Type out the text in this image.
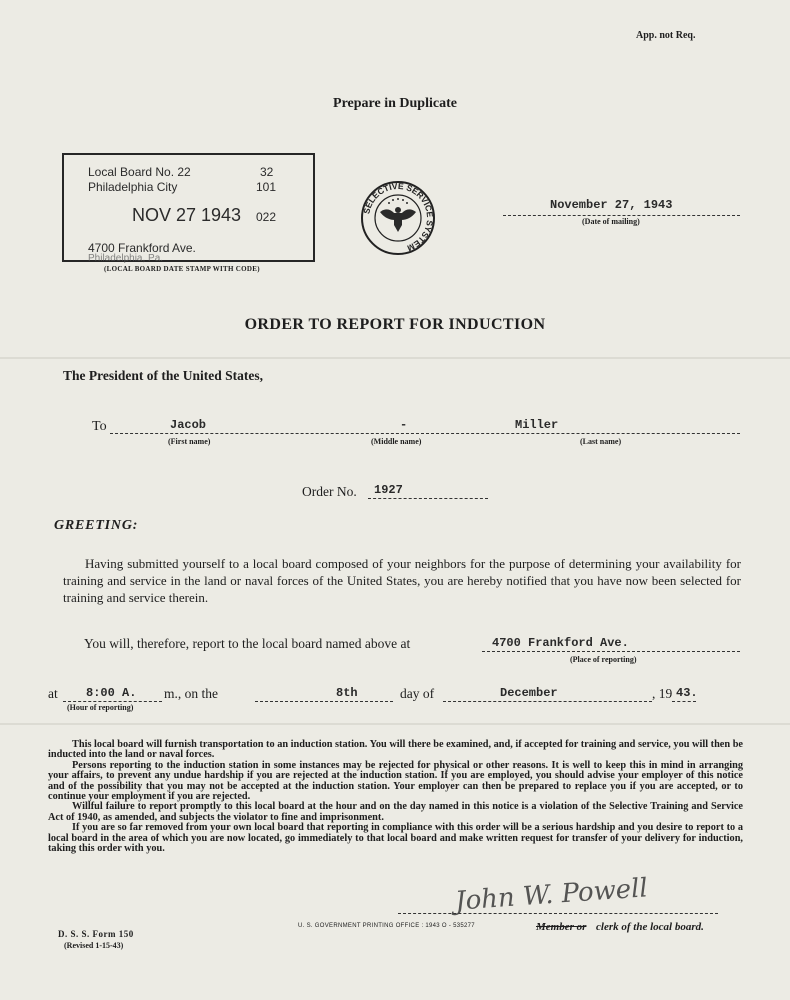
App. not Req.
Prepare in Duplicate
Local Board No. 22	32
Philadelphia City	101
NOV 27 1943 022
4700 Frankford Ave.
Philadelphia, Pa.
(LOCAL BOARD DATE STAMP WITH CODE)
SELECTIVE SERVICE SYSTEM
November 27, 1943
(Date of mailing)
ORDER TO REPORT FOR INDUCTION
The President of the United States,
To	Jacob	-	Miller
(First name)	(Middle name)	(Last name)
Order No. 1927
GREETING:
Having submitted yourself to a local board composed of your neighbors for the purpose of determining your availability for training and service in the land or naval forces of the United States, you are hereby notified that you have now been selected for training and service therein.
You will, therefore, report to the local board named above at	4700 Frankford Ave.
(Place of reporting)
at 8:00 A. m., on the
(Hour of reporting)
8th	day of	December	, 19 43.

This local board will furnish transportation to an induction station. You will there be examined, and, if accepted for training and service, you will then be inducted into the land or naval forces.

Persons reporting to the induction station in some instances may be rejected for physical or other reasons. It is well to keep this in mind in arranging your affairs, to prevent any undue hardship if you are rejected at the induction station. If you are employed, you should advise your employer of this notice and of the possibility that you may not be accepted at the induction station. Your employer can then be prepared to replace you if you are accepted, or to continue your employment if you are rejected.

Willful failure to report promptly to this local board at the hour and on the day named in this notice is a violation of the Selective Training and Service Act of 1940, as amended, and subjects the violator to fine and imprisonment.

If you are so far removed from your own local board that reporting in compliance with this order will be a serious hardship and you desire to report to a local board in the area of which you are now located, go immediately to that local board and make written request for transfer of your delivery for induction, taking this order with you.

D. S. S. Form 150
(Revised 1-15-43)
U. S. GOVERNMENT PRINTING OFFICE : 1943 O - 535277
John W. Powell
Member or clerk of the local board.
